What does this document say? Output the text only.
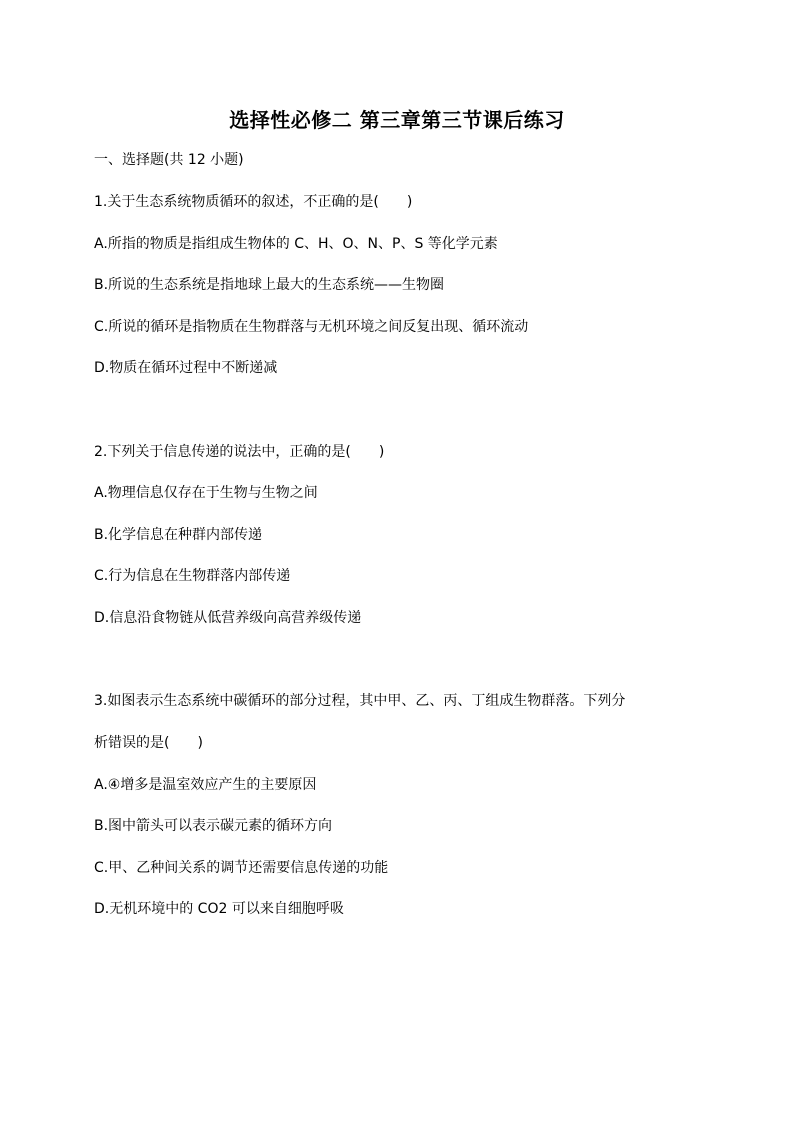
选择性必修二 第三章第三节课后练习
一、选择题(共 12 小题)
1.关于生态系统物质循环的叙述，不正确的是(　　)
A.所指的物质是指组成生物体的 C、H、O、N、P、S 等化学元素
B.所说的生态系统是指地球上最大的生态系统——生物圈
C.所说的循环是指物质在生物群落与无机环境之间反复出现、循环流动
D.物质在循环过程中不断递减
2.下列关于信息传递的说法中，正确的是(　　)
A.物理信息仅存在于生物与生物之间
B.化学信息在种群内部传递
C.行为信息在生物群落内部传递
D.信息沿食物链从低营养级向高营养级传递
3.如图表示生态系统中碳循环的部分过程，其中甲、乙、丙、丁组成生物群落。下列分
析错误的是(　　)
A.④增多是温室效应产生的主要原因
B.图中箭头可以表示碳元素的循环方向
C.甲、乙种间关系的调节还需要信息传递的功能
D.无机环境中的 CO2 可以来自细胞呼吸
